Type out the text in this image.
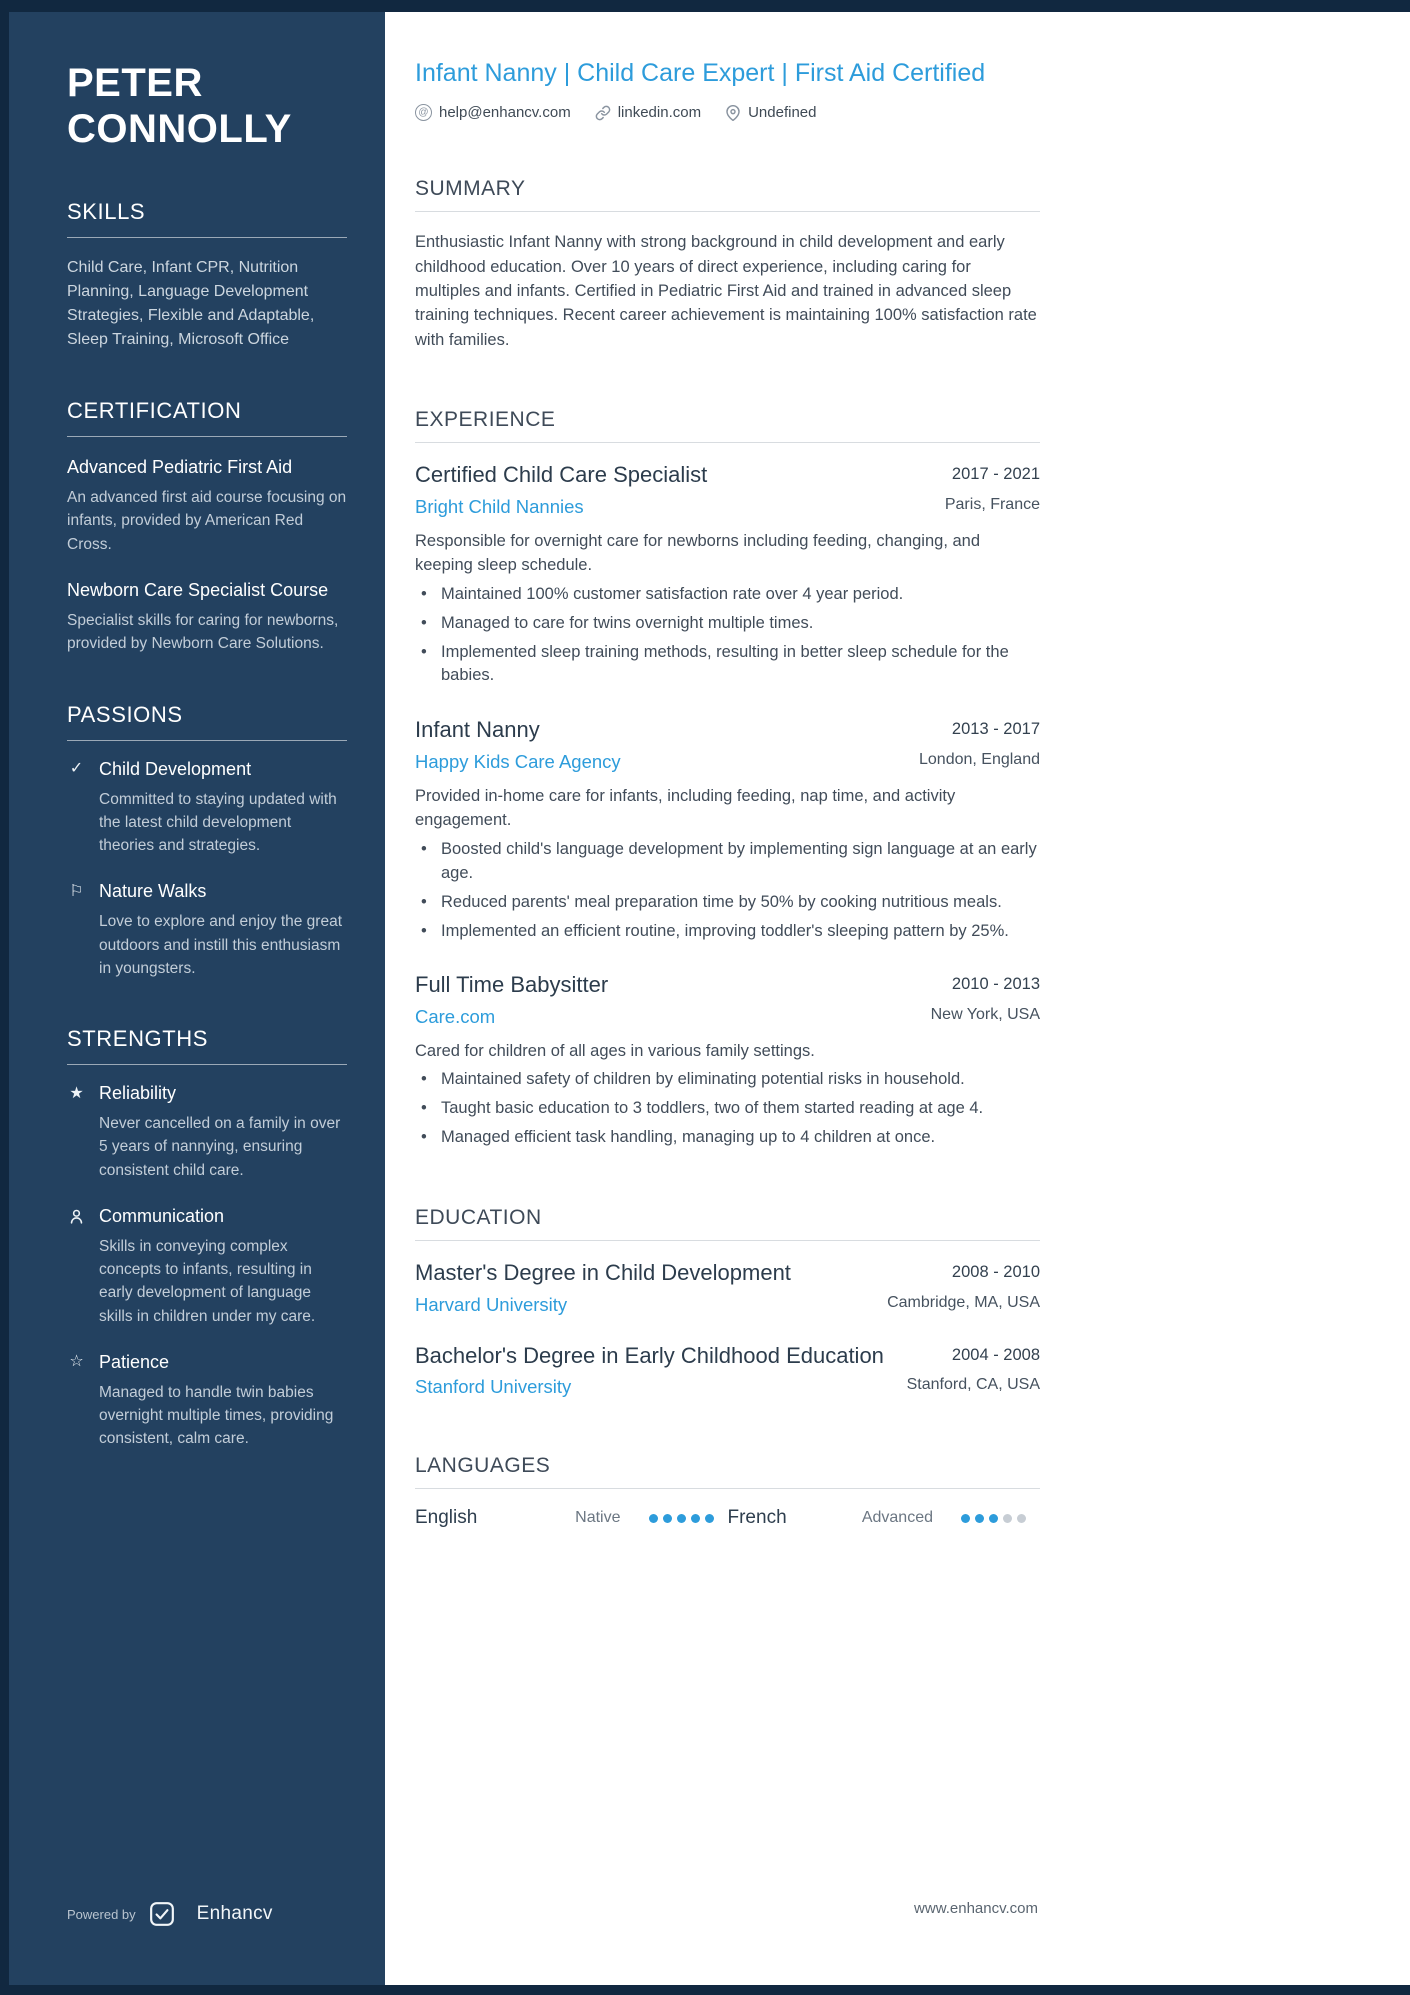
PETER
CONNOLLY
SKILLS
Child Care, Infant CPR, Nutrition Planning, Language Development Strategies, Flexible and Adaptable, Sleep Training, Microsoft Office
CERTIFICATION
Advanced Pediatric First Aid
An advanced first aid course focusing on infants, provided by American Red Cross.
Newborn Care Specialist Course
Specialist skills for caring for newborns, provided by Newborn Care Solutions.
PASSIONS
✓ Child Development
Committed to staying updated with the latest child development theories and strategies.
⚐ Nature Walks
Love to explore and enjoy the great outdoors and instill this enthusiasm in youngsters.
STRENGTHS
★ Reliability
Never cancelled on a family in over 5 years of nannying, ensuring consistent child care.
Communication
Skills in conveying complex concepts to infants, resulting in early development of language skills in children under my care.
☆ Patience
Managed to handle twin babies overnight multiple times, providing consistent, calm care.
Powered by	Enhancv
Infant Nanny | Child Care Expert | First Aid Certified
@ help@enhancv.com	linkedin.com	Undefined
SUMMARY
Enthusiastic Infant Nanny with strong background in child development and early childhood education. Over 10 years of direct experience, including caring for multiples and infants. Certified in Pediatric First Aid and trained in advanced sleep training techniques. Recent career achievement is maintaining 100% satisfaction rate with families.
EXPERIENCE
Certified Child Care Specialist	2017 - 2021
Bright Child Nannies	Paris, France
Responsible for overnight care for newborns including feeding, changing, and keeping sleep schedule.
• Maintained 100% customer satisfaction rate over 4 year period.
• Managed to care for twins overnight multiple times.
• Implemented sleep training methods, resulting in better sleep schedule for the babies.
Infant Nanny	2013 - 2017
Happy Kids Care Agency	London, England
Provided in-home care for infants, including feeding, nap time, and activity engagement.
• Boosted child's language development by implementing sign language at an early age.
• Reduced parents' meal preparation time by 50% by cooking nutritious meals.
• Implemented an efficient routine, improving toddler's sleeping pattern by 25%.
Full Time Babysitter	2010 - 2013
Care.com	New York, USA
Cared for children of all ages in various family settings.
• Maintained safety of children by eliminating potential risks in household.
• Taught basic education to 3 toddlers, two of them started reading at age 4.
• Managed efficient task handling, managing up to 4 children at once.
EDUCATION
Master's Degree in Child Development	2008 - 2010
Harvard University	Cambridge, MA, USA
Bachelor's Degree in Early Childhood Education	2004 - 2008
Stanford University	Stanford, CA, USA
LANGUAGES
English	Native	French	Advanced
www.enhancv.com
